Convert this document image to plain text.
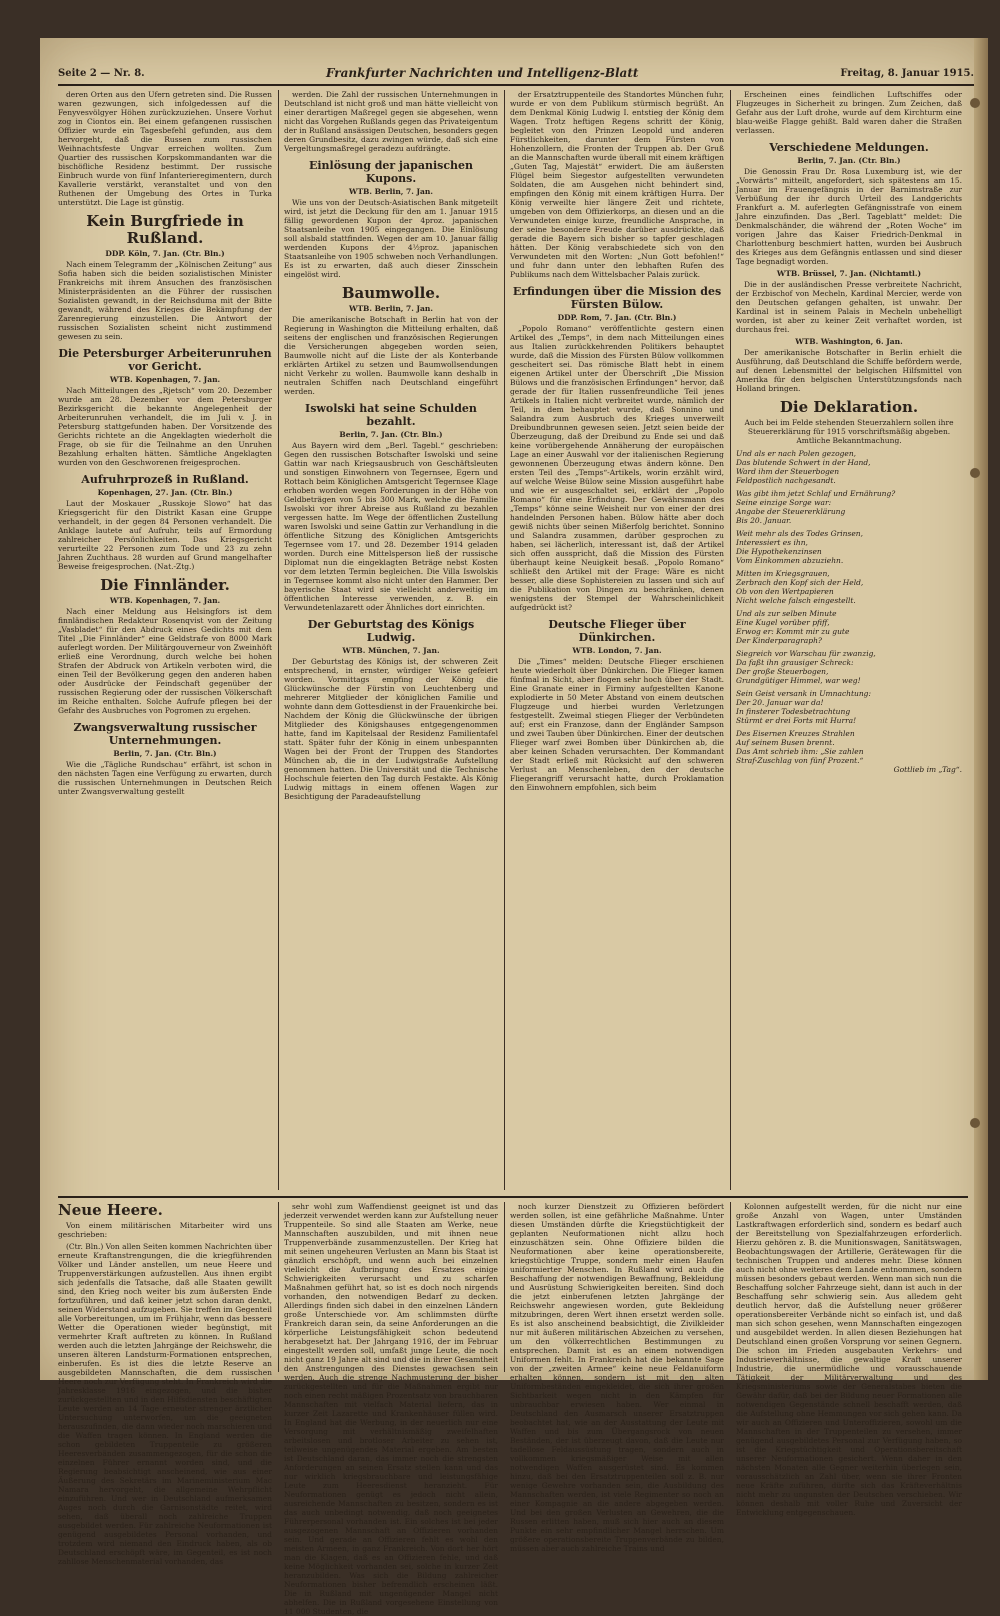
Seite 2 — Nr. 8.	Frankfurter Nachrichten und Intelligenz-Blatt	Freitag, 8. Januar 1915.

deren Orten aus den Ufern getreten sind. Die Russen waren gezwungen, sich infolgedessen auf die Fenyvesvölgyer Höhen zurückzuziehen. Unsere Vorhut zog in Ciontos ein. Bei einem gefangenen russischen Offizier wurde ein Tagesbefehl gefunden, aus dem hervorgeht, daß die Russen zum russischen Weihnachtsfeste Ungvar erreichen wollten. Zum Quartier des russischen Korpskommandanten war die bischöfliche Residenz bestimmt. Der russische Einbruch wurde von fünf Infanterieregimentern, durch Kavallerie verstärkt, veranstaltet und von den Ruthenen der Umgebung des Ortes in Turka unterstützt. Die Lage ist günstig.

Kein Burgfriede in Rußland.
DDP. Köln, 7. Jan. (Ctr. Bln.)

Nach einem Telegramm der „Kölnischen Zeitung“ aus Sofia haben sich die beiden sozialistischen Minister Frankreichs mit ihrem Ansuchen des französischen Ministerpräsidenten an die Führer der russischen Sozialisten gewandt, in der Reichsduma mit der Bitte gewandt, während des Krieges die Bekämpfung der Zarenregierung einzustellen. Die Antwort der russischen Sozialisten scheint nicht zustimmend gewesen zu sein.

Die Petersburger Arbeiterunruhen vor Gericht.
WTB. Kopenhagen, 7. Jan.

Nach Mitteilungen des „Rjetsch“ vom 20. Dezember wurde am 28. Dezember vor dem Petersburger Bezirksgericht die bekannte Angelegenheit der Arbeiterunruhen verhandelt, die im Juli v. J. in Petersburg stattgefunden haben. Der Vorsitzende des Gerichts richtete an die Angeklagten wiederholt die Frage, ob sie für die Teilnahme an den Unruhen Bezahlung erhalten hätten. Sämtliche Angeklagten wurden von den Geschworenen freigesprochen.

Aufruhrprozeß in Rußland.
Kopenhagen, 27. Jan. (Ctr. Bln.)

Laut der Moskauer „Russkoje Slowo“ hat das Kriegsgericht für den Distrikt Kasan eine Gruppe verhandelt, in der gegen 84 Personen verhandelt. Die Anklage lautete auf Aufruhr, teils auf Ermordung zahlreicher Persönlichkeiten. Das Kriegsgericht verurteilte 22 Personen zum Tode und 23 zu zehn Jahren Zuchthaus. 28 wurden auf Grund mangelhafter Beweise freigesprochen. (Nat.-Ztg.)

Die Finnländer.
WTB. Kopenhagen, 7. Jan.

Nach einer Meldung aus Helsingfors ist dem finnländischen Redakteur Rosenqvist von der Zeitung „Vasbladet“ für den Abdruck eines Gedichts mit dem Titel „Die Finnländer“ eine Geldstrafe von 8000 Mark auferlegt worden. Der Militärgouverneur von Zweinhöft erließ eine Verordnung, durch welche bei hohen Strafen der Abdruck von Artikeln verboten wird, die einen Teil der Bevölkerung gegen den anderen haben oder Ausdrücke der Feindschaft gegenüber der russischen Regierung oder der russischen Völkerschaft im Reiche enthalten. Solche Aufrufe pflegen bei der Gefahr des Ausbruches von Pogromen zu ergehen.

Zwangsverwaltung russischer Unternehmungen.
Berlin, 7. Jan. (Ctr. Bln.)

Wie die „Tägliche Rundschau“ erfährt, ist schon in den nächsten Tagen eine Verfügung zu erwarten, durch die russischen Unternehmungen in Deutschen Reich unter Zwangsverwaltung gestellt

werden. Die Zahl der russischen Unternehmungen in Deutschland ist nicht groß und man hätte vielleicht von einer derartigen Maßregel gegen sie abgesehen, wenn nicht das Vorgehen Rußlands gegen das Privateigentum der in Rußland ansässigen Deutschen, besonders gegen deren Grundbesitz, dazu zwingen würde, daß sich eine Vergeltungsmaßregel geradezu aufdrängte.

Einlösung der japanischen Kupons.
WTB. Berlin, 7. Jan.

Wie uns von der Deutsch-Asiatischen Bank mitgeteilt wird, ist jetzt die Deckung für den am 1. Januar 1915 fällig gewordenen Kupon der 4proz. japanischen Staatsanleihe von 1905 eingegangen. Die Einlösung soll alsbald stattfinden. Wegen der am 10. Januar fällig werdenden Kupons der 4½proz. japanischen Staatsanleihe von 1905 schweben noch Verhandlungen. Es ist zu erwarten, daß auch dieser Zinsschein eingelöst wird.

Baumwolle.
WTB. Berlin, 7. Jan.

Die amerikanische Botschaft in Berlin hat von der Regierung in Washington die Mitteilung erhalten, daß seitens der englischen und französischen Regierungen die Versicherungen abgegeben worden seien, Baumwolle nicht auf die Liste der als Konterbande erklärten Artikel zu setzen und Baumwollsendungen nicht Verkehr zu wollen. Baumwolle kann deshalb in neutralen Schiffen nach Deutschland eingeführt werden.

Iswolski hat seine Schulden bezahlt.
Berlin, 7. Jan. (Ctr. Bln.)

Aus Bayern wird dem „Berl. Tagebl.“ geschrieben: Gegen den russischen Botschafter Iswolski und seine Gattin war nach Kriegsausbruch von Geschäftsleuten und sonstigen Einwohnern von Tegernsee, Egern und Rottach beim Königlichen Amtsgericht Tegernsee Klage erhoben worden wegen Forderungen in der Höhe von Geldbeträgen von 5 bis 300 Mark, welche die Familie Iswolski vor ihrer Abreise aus Rußland zu bezahlen vergessen hatte. Im Wege der öffentlichen Zustellung waren Iswolski und seine Gattin zur Verhandlung in die öffentliche Sitzung des Königlichen Amtsgerichts Tegernsee vom 17. und 28. Dezember 1914 geladen worden. Durch eine Mittelsperson ließ der russische Diplomat nun die eingeklagten Beträge nebst Kosten vor dem letzten Termin begleichen. Die Villa Iswolskis in Tegernsee kommt also nicht unter den Hammer. Der bayerische Staat wird sie vielleicht anderweitig im öffentlichen Interesse verwenden, z. B. ein Verwundetenlazarett oder Ähnliches dort einrichten.

Der Geburtstag des Königs Ludwig.
WTB. München, 7. Jan.

Der Geburtstag des Königs ist, der schweren Zeit entsprechend, in ernster, würdiger Weise gefeiert worden. Vormittags empfing der König die Glückwünsche der Fürstin von Leuchtenberg und mehrerer Mitglieder der königlichen Familie und wohnte dann dem Gottesdienst in der Frauenkirche bei. Nachdem der König die Glückwünsche der übrigen Mitglieder des Königshauses entgegengenommen hatte, fand im Kapitelsaal der Residenz Familientafel statt. Später fuhr der König in einem unbespannten Wagen bei der Front der Truppen des Standortes München ab, die in der Ludwigstraße Aufstellung genommen hatten. Die Universität und die Technische Hochschule feierten den Tag durch Festakte. Als König Ludwig mittags in einem offenen Wagen zur Besichtigung der Paradeaufstellung

der Ersatztruppenteile des Standortes München fuhr, wurde er von dem Publikum stürmisch begrüßt. An dem Denkmal König Ludwig I. entstieg der König dem Wagen. Trotz heftigen Regens schritt der König, begleitet von den Prinzen Leopold und anderen Fürstlichkeiten, darunter dem Fürsten von Hohenzollern, die Fronten der Truppen ab. Der Gruß an die Mannschaften wurde überall mit einem kräftigen „Guten Tag, Majestät“ erwidert. Die am äußersten Flügel beim Siegestor aufgestellten verwundeten Soldaten, die am Ausgehen nicht behindert sind, empfingen den König mit einem kräftigen Hurra. Der König verweilte hier längere Zeit und richtete, umgeben von dem Offizierkorps, an diesen und an die Verwundeten einige kurze, freundliche Ansprache, in der seine besondere Freude darüber ausdrückte, daß gerade die Bayern sich bisher so tapfer geschlagen hätten. Der König verabschiedete sich von den Verwundeten mit den Worten: „Nun Gott befohlen!“ und fuhr dann unter den lebhaften Rufen des Publikums nach dem Wittelsbacher Palais zurück.

Erfindungen über die Mission des Fürsten Bülow.
DDP. Rom, 7. Jan. (Ctr. Bln.)

„Popolo Romano“ veröffentlichte gestern einen Artikel des „Temps“, in dem nach Mitteilungen eines aus Italien zurückkehrenden Politikers behauptet wurde, daß die Mission des Fürsten Bülow vollkommen gescheitert sei. Das römische Blatt hebt in einem eigenen Artikel unter der Überschrift „Die Mission Bülows und die französischen Erfindungen“ hervor, daß gerade der für Italien russenfreundliche Teil jenes Artikels in Italien nicht verbreitet wurde, nämlich der Teil, in dem behauptet wurde, daß Sonnino und Salandra zum Ausbruch des Krieges unverweilt Dreibundbrunnen gewesen seien. Jetzt seien beide der Überzeugung, daß der Dreibund zu Ende sei und daß keine vorübergehende Annäherung der europäischen Lage an einer Auswahl vor der italienischen Regierung gewonnenen Überzeugung etwas ändern könne. Den ersten Teil des „Temps“-Artikels, worin erzählt wird, auf welche Weise Bülow seine Mission ausgeführt habe und wie er ausgeschaltet sei, erklärt der „Popolo Romano“ für eine Erfindung. Der Gewährsmann des „Temps“ könne seine Weisheit nur von einer der drei handelnden Personen haben. Bülow hätte aber doch gewiß nichts über seinen Mißerfolg berichtet. Sonnino und Salandra zusammen, darüber gesprochen zu haben, sei lächerlich, interessant ist, daß der Artikel sich offen ausspricht, daß die Mission des Fürsten überhaupt keine Neuigkeit besaß. „Popolo Romano“ schließt den Artikel mit der Frage: Wäre es nicht besser, alle diese Sophistereien zu lassen und sich auf die Publikation von Dingen zu beschränken, denen wenigstens der Stempel der Wahrscheinlichkeit aufgedrückt ist?

Deutsche Flieger über Dünkirchen.
WTB. London, 7. Jan.

Die „Times“ melden: Deutsche Flieger erschienen heute wiederholt über Dünkirchen. Die Flieger kamen fünfmal in Sicht, aber flogen sehr hoch über der Stadt. Eine Granate einer in Firminy aufgestellten Kanone explodierte in 50 Meter Abstand von einem deutschen Flugzeuge und hierbei wurden Verletzungen festgestellt. Zweimal stiegen Flieger der Verbündeten auf; erst ein Franzose, dann der Engländer Sampson und zwei Tauben über Dünkirchen. Einer der deutschen Flieger warf zwei Bomben über Dünkirchen ab, die aber keinen Schaden verursachten. Der Kommandant der Stadt erließ mit Rücksicht auf den schweren Verlust an Menschenleben, den der deutsche Fliegerangriff verursacht hatte, durch Proklamation den Einwohnern empfohlen, sich beim

Erscheinen eines feindlichen Luftschiffes oder Flugzeuges in Sicherheit zu bringen. Zum Zeichen, daß Gefahr aus der Luft drohe, wurde auf dem Kirchturm eine blau-weiße Flagge gehißt. Bald waren daher die Straßen verlassen.

Verschiedene Meldungen.
Berlin, 7. Jan. (Ctr. Bln.)

Die Genossin Frau Dr. Rosa Luxemburg ist, wie der „Vorwärts“ mitteilt, angefordert, sich spätestens am 15. Januar im Frauengefängnis in der Barnimstraße zur Verbüßung der ihr durch Urteil des Landgerichts Frankfurt a. M. auferlegten Gefängnisstrafe von einem Jahre einzufinden. Das „Berl. Tageblatt“ meldet: Die Denkmalschänder, die während der „Roten Woche“ im vorigen Jahre das Kaiser Friedrich-Denkmal in Charlottenburg beschmiert hatten, wurden bei Ausbruch des Krieges aus dem Gefängnis entlassen und sind dieser Tage begnadigt worden.

WTB. Brüssel, 7. Jan. (Nichtamtl.)

Die in der ausländischen Presse verbreitete Nachricht, der Erzbischof von Mecheln, Kardinal Mercier, werde von den Deutschen gefangen gehalten, ist unwahr. Der Kardinal ist in seinem Palais in Mecheln unbehelligt worden, ist aber zu keiner Zeit verhaftet worden, ist durchaus frei.

WTB. Washington, 6. Jan.

Der amerikanische Botschafter in Berlin erhielt die Ausführung, daß Deutschland die Schiffe befördern werde, auf denen Lebensmittel der belgischen Hilfsmittel von Amerika für den belgischen Unterstützungsfonds nach Holland bringen.

Die Deklaration.

Auch bei im Felde stehenden Steuerzahlern sollen ihre Steuererklärung für 1915 vorschriftsmäßig abgeben. Amtliche Bekanntmachung.

Und als er nach Polen gezogen,

Das blutende Schwert in der Hand,

Ward ihm der Steuerbogen

Feldpostlich nachgesandt.

Was gibt ihm jetzt Schlaf und Ernährung?

Seine einzige Sorge war:

Angabe der Steuererklärung

Bis 20. Januar.

Weit mehr als des Todes Grinsen,

Interessiert es ihn,

Die Hypothekenzinsen

Vom Einkommen abzuziehn.

Mitten im Kriegsgrauen,

Zerbrach den Kopf sich der Held,

Ob von den Wertpapieren

Nicht welche falsch eingestellt.

Und als zur selben Minute

Eine Kugel vorüber pfiff,

Erwog er: Kommt mir zu gute

Der Kinderparagraph?

Siegreich vor Warschau für zwanzig,

Da faßt ihn grausiger Schreck:

Der große Steuerbogen,

Grundgütiger Himmel, war weg!

Sein Geist versank in Umnachtung:

Der 20. Januar war da!

In finsterer Todesbetrachtung

Stürmt er drei Forts mit Hurra!

Des Eisernen Kreuzes Strahlen

Auf seinem Busen brennt.

Das Amt schrieb ihm: „Sie zahlen

Straf-Zuschlag von fünf Prozent.“

Gottlieb im „Tag“.

Neue Heere.

Von einem militärischen Mitarbeiter wird uns geschrieben:

(Ctr. Bln.) Von allen Seiten kommen Nachrichten über erneute Kraftanstrengungen, die die kriegführenden Völker und Länder anstellen, um neue Heere und Truppenverstärkungen aufzustellen. Aus ihnen ergibt sich jedenfalls die Tatsache, daß alle Staaten gewillt sind, den Krieg noch weiter bis zum äußersten Ende fortzuführen, und daß keiner jetzt schon daran denkt, seinen Widerstand aufzugeben. Sie treffen im Gegenteil alle Vorbereitungen, um im Frühjahr, wenn das bessere Wetter die Operationen wieder begünstigt, mit vermehrter Kraft auftreten zu können. In Rußland werden auch die letzten Jahrgänge der Reichswehr, die unseren älteren Landsturm-Formationen entsprechen, einberufen. Es ist dies die letzte Reserve an ausgebildeten Mannschaften, die dem russischen Heere noch zur Verfügung steht. In Frankreich wird die Jahresklasse 1916 eingezogen, und die bisher zurückgestellten und in den Hilfsdiensten beschäftigten Leute werden an 14 Tage erneuter strenger ärztlicher Untersuchung unterworfen, um die geeigneten herauszufinden, die dann wieder noch marschieren und die Waffen tragen können. In England werden die schon gebildeten Truppenteile zu größeren Heeresverbänden zusammengezogen, für die schon die einzelnen Führer ernannt worden sind, und die Regierung beabsichtigt anscheinend, wie aus einer Äußerung des Sekretärs im Marineministerium Mac Namara hervorgeht, die allgemeine Wehrpflicht einzuführen. Und wer in Deutschland aufmerksamen Auges noch durch die Garnisonstädte reitet, wird sehen, daß überall noch zahlreiche Truppen ausgebildet werden. Für zahlreiche Neuformationen ist genügend ausgebildetes Personal vorhanden, und trotzdem wird niemand den Eindruck haben, als ob Deutschland erschöpft wäre, im Gegenteil, es ist noch zahllose Menschenmaterial vorhanden, das

sehr wohl zum Waffendienst geeignet ist und das jederzeit verwendet werden kann zur Aufstellung neuer Truppenteile. So sind alle Staaten am Werke, neue Mannschaften auszubilden, und mit ihnen neue Truppenverbände zusammenzustellen. Der Krieg hat mit seinen ungeheuren Verlusten an Mann bis Staat ist gänzlich erschöpft, und wenn auch bei einzelnen vielleicht die Aufbringung des Ersatzes einige Schwierigkeiten verursacht und zu scharfen Maßnahmen geführt hat, so ist es doch noch nirgends vorhanden, den notwendigen Bedarf zu decken. Allerdings finden sich dabei in den einzelnen Ländern große Unterschiede vor. Am schlimmsten dürfte Frankreich daran sein, da seine Anforderungen an die körperliche Leistungsfähigkeit schon bedeutend herabgesetzt hat. Der Jahrgang 1916, der im Februar eingestellt werden soll, umfaßt junge Leute, die noch nicht ganz 19 Jahre alt sind und die in ihrer Gesamtheit den Anstrengungen des Dienstes gewachsen sein werden. Auch die strenge Nachmusterung der bisher zurückgestellten und für die Maßnahmen ergibt nur noch einen recht mäßigen Prozentsatz von brauchbaren Mannschaften mit vielfach Material liefern, das in kurzer Zeit Lazarette und Krankenhäuser füllen wird. In England hat die Werbung, in der neuerlich nur eine Versorgung mit verhältnismäßig zweifelhaften arbeitslosen und brotloser Arbeiter zu sehen ist, teilweise ungenügendes Material ergeben. Am besten ist Deutschland daran, das immer noch die strengsten Anforderungen an seinen Ersatz stellen kann und das nur wirklich kriegsbrauchbare und leistungsfähige Leute zum Heeresdienst heranzieht. Für Neuformationen genügt es jedoch nicht allein, ausreichende Mannschaften zu besitzen, sondern es ist das auch unbedingt notwendig, daß noch geeignetes Führerpersonal vorhanden ist. Ein solches ist bei jeder ausgezogenen Mannschaft an Offizieren vorhanden sein. Und gerade an Offizieren fehlt es wohl den meisten Armeen, in ganz Frankreich. Von dort her hört man die Klagen, daß es an Offizieren fehle, und daß keine Möglichkeit vorhanden sei, solche in kurzer Zeit heranzubilden. Was sich die Bildung zahlreicher Neuformationen bisher befremdlich erscheinen läßt. Die in Rußland mit ungenügender Mangel nicht abhelfen. Die in Rußland vorgesehene Einstellung von 11 000 Studenten, die

noch kurzer Dienstzeit zu Offizieren befördert werden sollen, ist eine gefährliche Maßnahme. Unter diesen Umständen dürfte die Kriegstüchtigkeit der geplanten Neuformationen nicht allzu hoch einzuschätzen sein. Ohne Offiziere bilden die Neuformationen aber keine operationsbereite, kriegstüchtige Truppe, sondern mehr einen Haufen uniformierter Menschen. In Rußland wird auch die Beschaffung der notwendigen Bewaffnung, Bekleidung und Ausrüstung Schwierigkeiten bereiten. Sind doch die jetzt einberufenen letzten Jahrgänge der Reichswehr angewiesen worden, gute Bekleidung mitzubringen, deren Wert ihnen ersetzt werden solle. Es ist also anscheinend beabsichtigt, die Zivilkleider nur mit äußeren militärischen Abzeichen zu versehen, um den völkerrechtlichen Bestimmungen zu entsprechen. Damit ist es an einem notwendigen Uniformen fehlt. In Frankreich hat die bekannte Sage von der „zweiten Armee“ keine neue Feldanuiform erhalten können, sondern ist mit den alten Uniformbeständen eingekleidet, die sich ihrer großen Sichtbarkeit wegen nicht in den Kämpfen für unbrauchbar erwiesen haben. Wer einmal in Deutschland den Ausmarsch unserer Ersatztruppen beobachtet hat, wie an der Ausstattung der Leute mit Waffen und bis zum Übergangsrock von neuen Beständen, der ist überzeugt davon, daß die Leute nur tadellose Feldaussüstung tragen, sondern auch in vollkommen kriegsmäßiger Weise mit allen notwendigen Waffen ausgerüstet sind. Es kommen hinzu, daß bei den Ersatztruppenteilen soll z. B. nur wenige Gewehre vorhanden sein, die Ausbildung des Mannschaften werden, ist viele Regimenter so noch an einer Kompagnie an die andere abgegeben werden. Und bei den großen Verlusten an Gewehren, die die Russen erlitten haben, muß sich hier auch an diesem Punkte ein sehr empfindlicher Mangel herrschen. Um größere operationsbereite Truppenverbände zu bilden, müssen aber auch zahlreiche Trains und

Kolonnen aufgestellt werden, für die nicht nur eine große Anzahl von Wagen, unter Umständen Lastkraftwagen erforderlich sind, sondern es bedarf auch der Bereitstellung von Spezialfahrzeugen erforderlich. Hierzu gehören z. B. die Munitionswagen, Sanitätswagen, Beobachtungswagen der Artillerie, Gerätewagen für die technischen Truppen und anderes mehr. Diese können auch nicht ohne weiteres dem Lande entnommen, sondern müssen besonders gebaut werden. Wenn man sich nun die Beschaffung solcher Fahrzeuge sieht, dann ist auch in der Beschaffung sehr schwierig sein. Aus alledem geht deutlich hervor, daß die Aufstellung neuer größerer operationsbereiter Verbände nicht so einfach ist, und daß man sich schon gesehen, wenn Mannschaften eingezogen und ausgebildet werden. In allen diesen Beziehungen hat Deutschland einen großen Vorsprung vor seinen Gegnern. Die schon im Frieden ausgebauten Verkehrs- und Industrieverhältnisse, die gewaltige Kraft unserer Industrie, die unermüdliche und vorausschauende Tätigkeit der Militärverwaltung und des Kriegsministeriums sowie der Generalstabes bieten die Gewähr dafür, daß bei der Bildung neuer Formationen alle notwendigen Gegenstände schnell beschafft werden, daß die Aufstellung ohne Hemmungen vor sich gehen kann. Da wir auch an Offizieren und Unteroffizieren, sowohl um die Mannschaften in der Truppenteilen zu versehen, immer genügend ausgebildetes Personal zur Verfügung haben, so ist die Kriegstüchtigkeit und Operationsbereitschaft unserer Neuformationen gesichert. Wenn daher in den nächsten Monaten alle Gegner weiterhin überlegen sein, vorausschätzlich an Zahl über, wenn sie ihrer Fronten neue Kräfte zuführen, dürfte sich das Kräfteverhältnis nicht mehr zu ungunsten der Deutschen verschieben. Wir können deshalb mit voller Ruhe und Zuversicht der Entwicklung entgegenschauen.
